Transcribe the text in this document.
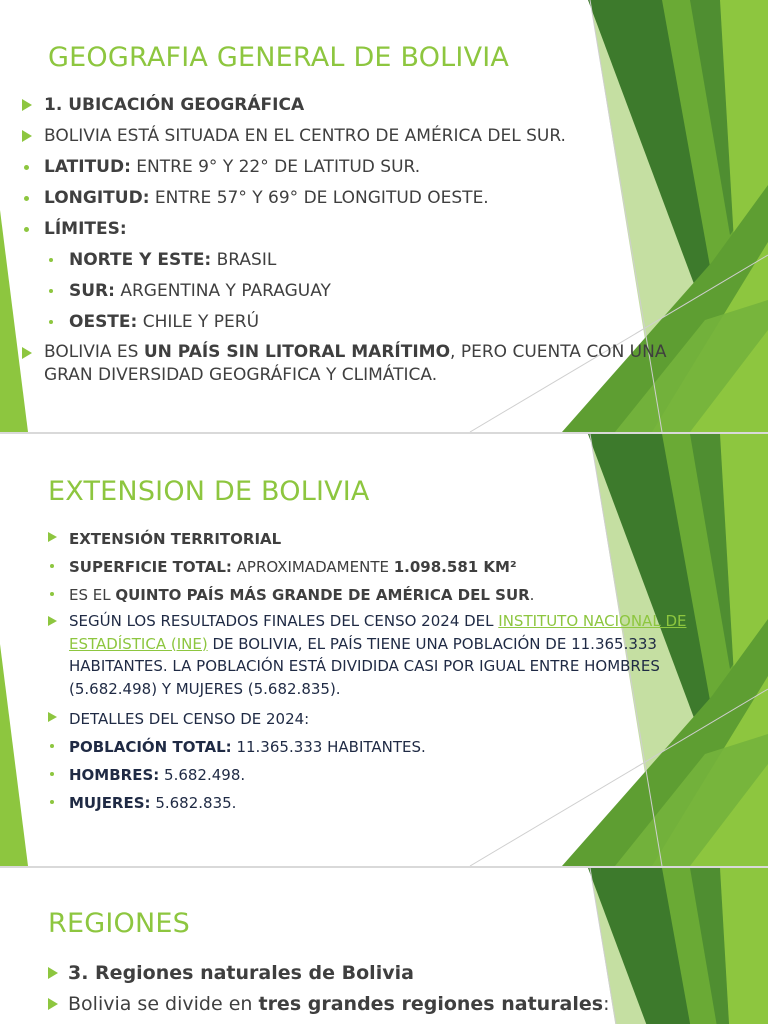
GEOGRAFIA GENERAL DE BOLIVIA
1. UBICACIÓN GEOGRÁFICA
BOLIVIA ESTÁ SITUADA EN EL CENTRO DE AMÉRICA DEL SUR.
LATITUD: ENTRE 9° Y 22° DE LATITUD SUR.
LONGITUD: ENTRE 57° Y 69° DE LONGITUD OESTE.
LÍMITES:
NORTE Y ESTE: BRASIL
SUR: ARGENTINA Y PARAGUAY
OESTE: CHILE Y PERÚ
BOLIVIA ES UN PAÍS SIN LITORAL MARÍTIMO, PERO CUENTA CON UNA GRAN DIVERSIDAD GEOGRÁFICA Y CLIMÁTICA.
EXTENSION DE BOLIVIA
EXTENSIÓN TERRITORIAL
SUPERFICIE TOTAL: APROXIMADAMENTE 1.098.581 KM²
ES EL QUINTO PAÍS MÁS GRANDE DE AMÉRICA DEL SUR.
SEGÚN LOS RESULTADOS FINALES DEL CENSO 2024 DEL INSTITUTO NACIONAL DE ESTADÍSTICA (INE) DE BOLIVIA, EL PAÍS TIENE UNA POBLACIÓN DE 11.365.333 HABITANTES. LA POBLACIÓN ESTÁ DIVIDIDA CASI POR IGUAL ENTRE HOMBRES (5.682.498) Y MUJERES (5.682.835).
DETALLES DEL CENSO DE 2024:
POBLACIÓN TOTAL: 11.365.333 HABITANTES.
HOMBRES: 5.682.498.
MUJERES: 5.682.835.
REGIONES
3. Regiones naturales de Bolivia
Bolivia se divide en tres grandes regiones naturales:
